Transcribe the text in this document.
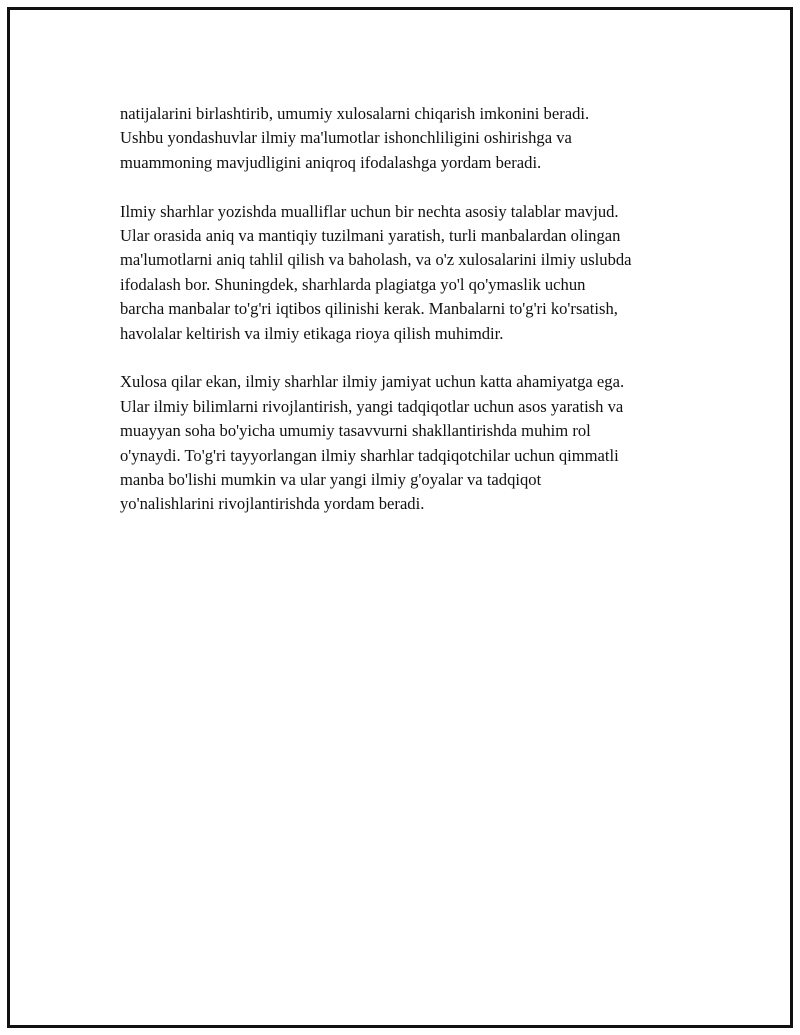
natijalarini birlashtirib, umumiy xulosalarni chiqarish imkonini beradi.
Ushbu yondashuvlar ilmiy ma'lumotlar ishonchliligini oshirishga va
muammoning mavjudligini aniqroq ifodalashga yordam beradi.

Ilmiy sharhlar yozishda mualliflar uchun bir nechta asosiy talablar mavjud.
Ular orasida aniq va mantiqiy tuzilmani yaratish, turli manbalardan olingan
ma'lumotlarni aniq tahlil qilish va baholash, va o'z xulosalarini ilmiy uslubda
ifodalash bor. Shuningdek, sharhlarda plagiatga yo'l qo'ymaslik uchun
barcha manbalar to'g'ri iqtibos qilinishi kerak. Manbalarni to'g'ri ko'rsatish,
havolalar keltirish va ilmiy etikaga rioya qilish muhimdir.

Xulosa qilar ekan, ilmiy sharhlar ilmiy jamiyat uchun katta ahamiyatga ega.
Ular ilmiy bilimlarni rivojlantirish, yangi tadqiqotlar uchun asos yaratish va
muayyan soha bo'yicha umumiy tasavvurni shakllantirishda muhim rol
o'ynaydi. To'g'ri tayyorlangan ilmiy sharhlar tadqiqotchilar uchun qimmatli
manba bo'lishi mumkin va ular yangi ilmiy g'oyalar va tadqiqot
yo'nalishlarini rivojlantirishda yordam beradi.
